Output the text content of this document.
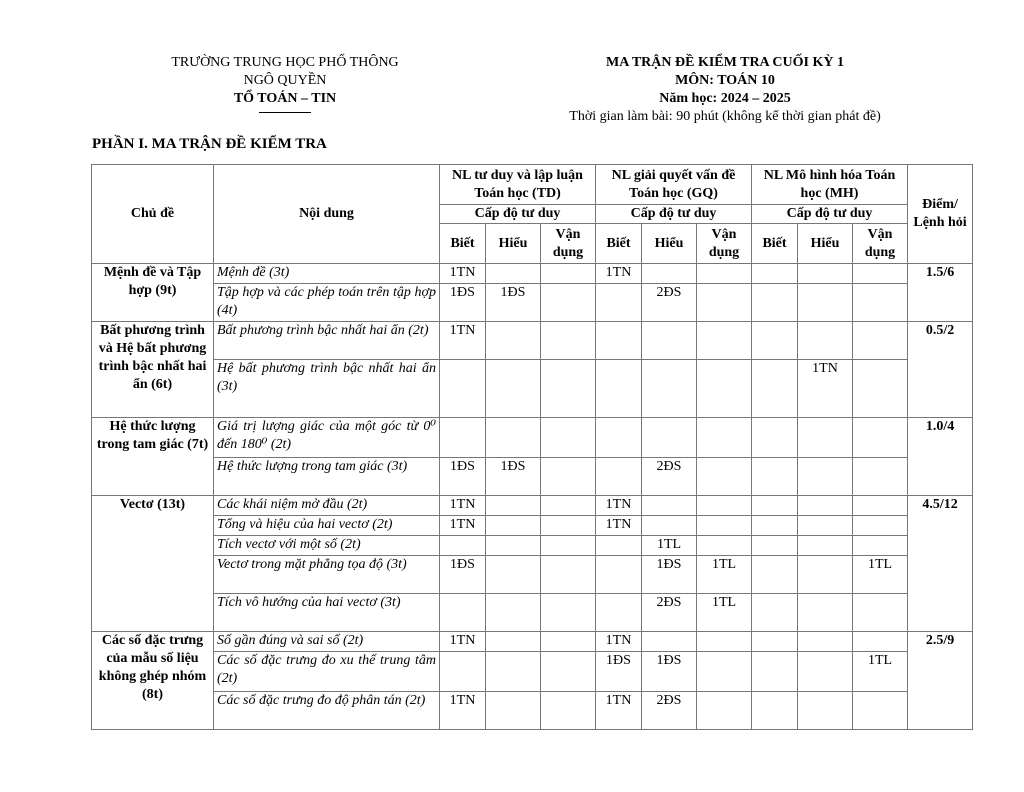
TRƯỜNG TRUNG HỌC PHỔ THÔNG
NGÔ QUYỀN
TỔ TOÁN – TIN
MA TRẬN ĐỀ KIỂM TRA CUỐI KỲ 1
MÔN: TOÁN 10
Năm học: 2024 – 2025
Thời gian làm bài: 90 phút (không kể thời gian phát đề)
PHẦN I. MA TRẬN ĐỀ KIỂM TRA
Chủ đề	Nội dung	NL tư duy và lập luận Toán học (TD)			NL giải quyết vấn đề Toán học (GQ)			NL Mô hình hóa Toán học (MH)			Điểm/ Lệnh hỏi
		Cấp độ tư duy			Cấp độ tư duy			Cấp độ tư duy			
		Biết	Hiểu	Vận dụng	Biết	Hiểu	Vận dụng	Biết	Hiểu	Vận dụng	
Mệnh đề và Tập hợp (9t)	Mệnh đề (3t)	1TN			1TN						1.5/6
	Tập hợp và các phép toán trên tập hợp (4t)	1ĐS	1ĐS			2ĐS					
Bất phương trình và Hệ bất phương trình bậc nhất hai ẩn (6t)	Bất phương trình bậc nhất hai ẩn (2t)	1TN									0.5/2
	Hệ bất phương trình bậc nhất hai ẩn (3t)								1TN		
Hệ thức lượng trong tam giác (7t)	Giá trị lượng giác của một góc từ 0⁰ đến 180⁰ (2t)										1.0/4
	Hệ thức lượng trong tam giác (3t)	1ĐS	1ĐS			2ĐS					
Vectơ (13t)	Các khái niệm mở đầu (2t)	1TN			1TN						4.5/12
	Tổng và hiệu của hai vectơ (2t)	1TN			1TN						
	Tích vectơ với một số (2t)					1TL					
	Vectơ trong mặt phẳng tọa độ (3t)	1ĐS				1ĐS	1TL			1TL	
	Tích vô hướng của hai vectơ (3t)					2ĐS	1TL				
Các số đặc trưng của mẫu số liệu không ghép nhóm (8t)	Số gần đúng và sai số (2t)	1TN			1TN						2.5/9
	Các số đặc trưng đo xu thế trung tâm (2t)				1ĐS	1ĐS				1TL	
	Các số đặc trưng đo độ phân tán (2t)	1TN			1TN	2ĐS					
